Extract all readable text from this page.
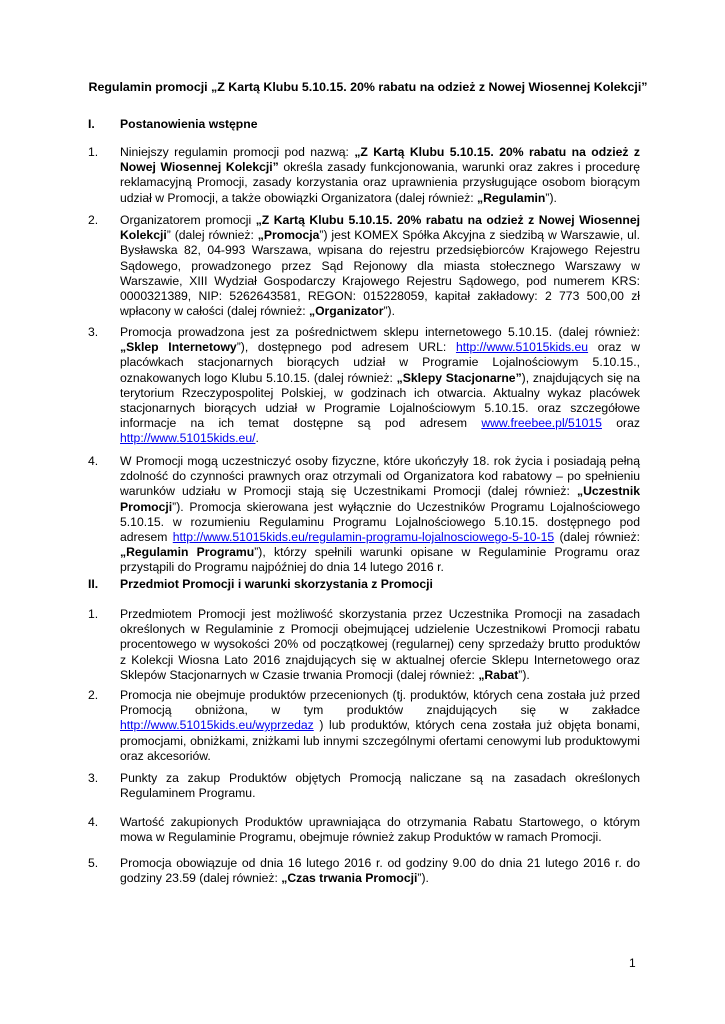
Regulamin promocji „Z Kartą Klubu 5.10.15. 20% rabatu na odzież z Nowej Wiosennej Kolekcji”
I. Postanowienia wstępne
1. Niniejszy regulamin promocji pod nazwą: „Z Kartą Klubu 5.10.15. 20% rabatu na odzież z Nowej Wiosennej Kolekcji” określa zasady funkcjonowania, warunki oraz zakres i procedurę reklamacyjną Promocji, zasady korzystania oraz uprawnienia przysługujące osobom biorącym udział w Promocji, a także obowiązki Organizatora (dalej również: „Regulamin”).
2. Organizatorem promocji „Z Kartą Klubu 5.10.15. 20% rabatu na odzież z Nowej Wiosennej Kolekcji” (dalej również: „Promocja”) jest KOMEX Spółka Akcyjna z siedzibą w Warszawie, ul. Bysławska 82, 04-993 Warszawa, wpisana do rejestru przedsiębiorców Krajowego Rejestru Sądowego, prowadzonego przez Sąd Rejonowy dla miasta stołecznego Warszawy w Warszawie, XIII Wydział Gospodarczy Krajowego Rejestru Sądowego, pod numerem KRS: 0000321389, NIP: 5262643581, REGON: 015228059, kapitał zakładowy: 2 773 500,00 zł wpłacony w całości (dalej również: „Organizator”).
3. Promocja prowadzona jest za pośrednictwem sklepu internetowego 5.10.15. (dalej również: „Sklep Internetowy”), dostępnego pod adresem URL: http://www.51015kids.eu oraz w placówkach stacjonarnych biorących udział w Programie Lojalnościowym 5.10.15., oznakowanych logo Klubu 5.10.15. (dalej również: „Sklepy Stacjonarne”), znajdujących się na terytorium Rzeczypospolitej Polskiej, w godzinach ich otwarcia. Aktualny wykaz placówek stacjonarnych biorących udział w Programie Lojalnościowym 5.10.15. oraz szczegółowe informacje na ich temat dostępne są pod adresem www.freebee.pl/51015 oraz http://www.51015kids.eu/.
4. W Promocji mogą uczestniczyć osoby fizyczne, które ukończyły 18. rok życia i posiadają pełną zdolność do czynności prawnych oraz otrzymali od Organizatora kod rabatowy – po spełnieniu warunków udziału w Promocji stają się Uczestnikami Promocji (dalej również: „Uczestnik Promocji”). Promocja skierowana jest wyłącznie do Uczestników Programu Lojalnościowego 5.10.15. w rozumieniu Regulaminu Programu Lojalnościowego 5.10.15. dostępnego pod adresem http://www.51015kids.eu/regulamin-programu-lojalnosciowego-5-10-15 (dalej również: „Regulamin Programu”), którzy spełnili warunki opisane w Regulaminie Programu oraz przystąpili do Programu najpóźniej do dnia 14 lutego 2016 r.
II. Przedmiot Promocji i warunki skorzystania z Promocji
1. Przedmiotem Promocji jest możliwość skorzystania przez Uczestnika Promocji na zasadach określonych w Regulaminie z Promocji obejmującej udzielenie Uczestnikowi Promocji rabatu procentowego w wysokości 20% od początkowej (regularnej) ceny sprzedaży brutto produktów z Kolekcji Wiosna Lato 2016 znajdujących się w aktualnej ofercie Sklepu Internetowego oraz Sklepów Stacjonarnych w Czasie trwania Promocji (dalej również: „Rabat”).
2. Promocja nie obejmuje produktów przecenionych (tj. produktów, których cena została już przed Promocją obniżona, w tym produktów znajdujących się w zakładce http://www.51015kids.eu/wyprzedaz ) lub produktów, których cena została już objęta bonami, promocjami, obniżkami, zniżkami lub innymi szczególnymi ofertami cenowymi lub produktowymi oraz akcesoriów.
3. Punkty za zakup Produktów objętych Promocją naliczane są na zasadach określonych Regulaminem Programu.
4. Wartość zakupionych Produktów uprawniająca do otrzymania Rabatu Startowego, o którym mowa w Regulaminie Programu, obejmuje również zakup Produktów w ramach Promocji.
5. Promocja obowiązuje od dnia 16 lutego 2016 r. od godziny 9.00 do dnia 21 lutego 2016 r. do godziny 23.59 (dalej również: „Czas trwania Promocji”).
1
